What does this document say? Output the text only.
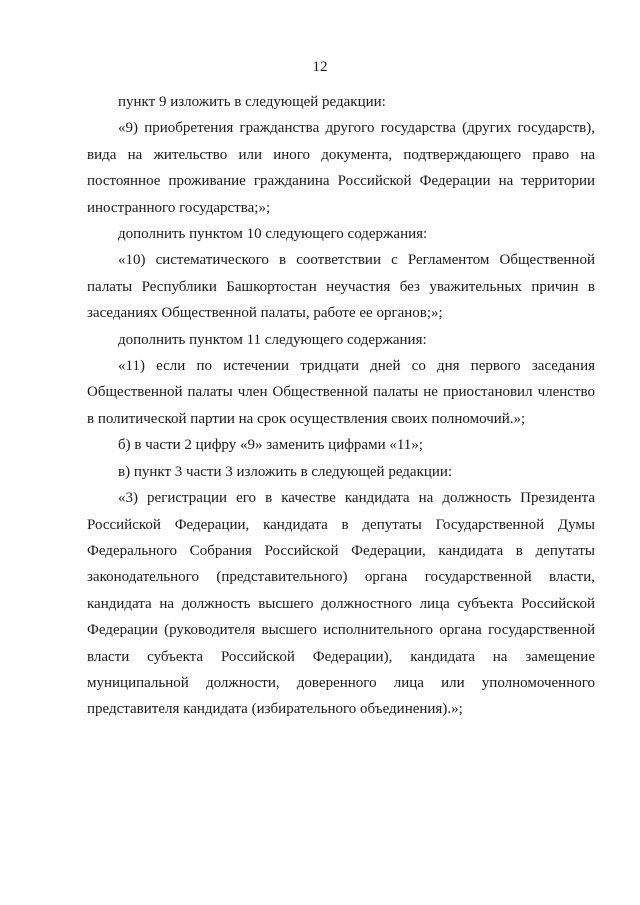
12

пункт 9 изложить в следующей редакции:

«9) приобретения гражданства другого государства (других государств), вида на жительство или иного документа, подтверждающего право на постоянное проживание гражданина Российской Федерации на территории иностранного государства;»;

дополнить пунктом 10 следующего содержания:

«10) систематического в соответствии с Регламентом Общественной палаты Республики Башкортостан неучастия без уважительных причин в заседаниях Общественной палаты, работе ее органов;»;

дополнить пунктом 11 следующего содержания:

«11) если по истечении тридцати дней со дня первого заседания Общественной палаты член Общественной палаты не приостановил членство в политической партии на срок осуществления своих полномочий.»;

б) в части 2 цифру «9» заменить цифрами «11»;

в) пункт 3 части 3 изложить в следующей редакции:

«3) регистрации его в качестве кандидата на должность Президента Российской Федерации, кандидата в депутаты Государственной Думы Федерального Собрания Российской Федерации, кандидата в депутаты законодательного (представительного) органа государственной власти, кандидата на должность высшего должностного лица субъекта Российской Федерации (руководителя высшего исполнительного органа государственной власти субъекта Российской Федерации), кандидата на замещение муниципальной должности, доверенного лица или уполномоченного представителя кандидата (избирательного объединения).»;
